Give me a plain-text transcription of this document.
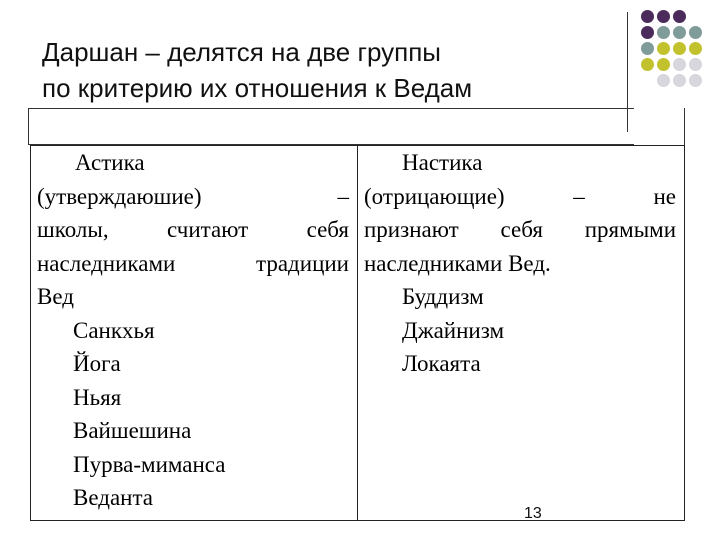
Даршан – делятся на две группы
по критерию их отношения к Ведам
Астика
(утверждаюшие)	–
школы,	считают	себя
наследниками	традиции
Вед
Санкхья
Йога
Ньяя
Вайшешина
Пурва-миманса
Веданта
Настика
(отрицающие)	–	не
признают себя прямыми
наследниками Вед.
Буддизм
Джайнизм
Локаята
13
